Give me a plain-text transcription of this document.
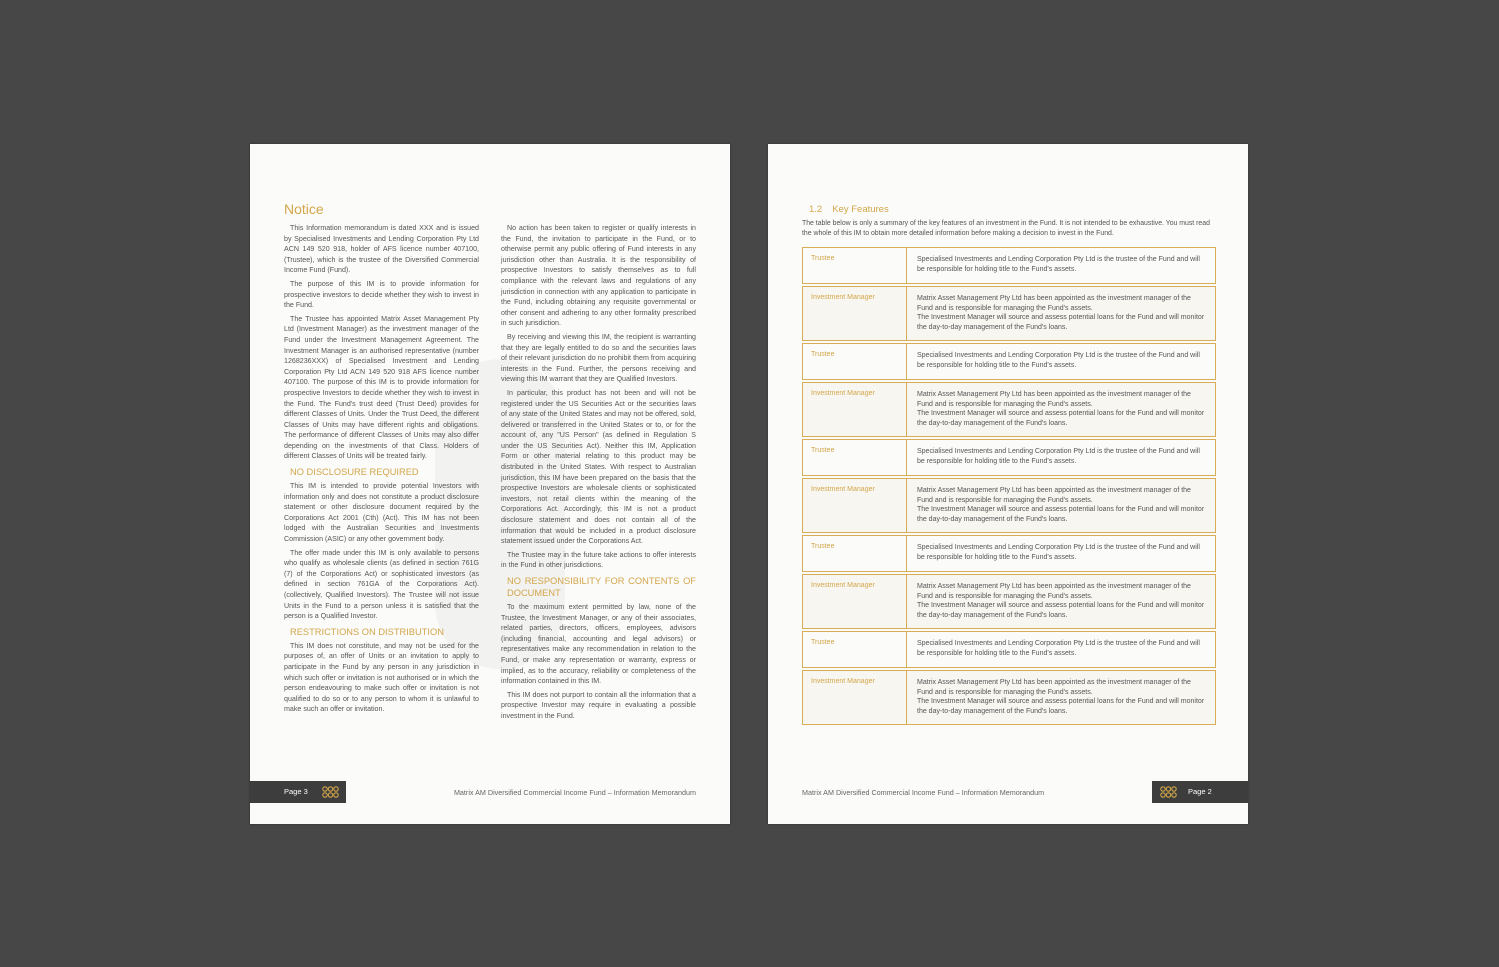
Notice

This Information memorandum is dated XXX and is issued by Specialised Investments and Lending Corporation Pty Ltd ACN 149 520 918, holder of AFS licence number 407100, (Trustee), which is the trustee of the Diversified Commercial Income Fund (Fund).

The purpose of this IM is to provide information for prospective investors to decide whether they wish to invest in the Fund.

The Trustee has appointed Matrix Asset Management Pty Ltd (Investment Manager) as the investment manager of the Fund under the Investment Management Agreement. The Investment Manager is an authorised representative (number 1268236XXX) of Specialised Investment and Lending Corporation Pty Ltd ACN 149 520 918 AFS licence number 407100. The purpose of this IM is to provide information for prospective Investors to decide whether they wish to invest in the Fund. The Fund's trust deed (Trust Deed) provides for different Classes of Units. Under the Trust Deed, the different Classes of Units may have different rights and obligations. The performance of different Classes of Units may also differ depending on the investments of that Class. Holders of different Classes of Units will be treated fairly.

NO DISCLOSURE REQUIRED

This IM is intended to provide potential Investors with information only and does not constitute a product disclosure statement or other disclosure document required by the Corporations Act 2001 (Cth) (Act). This IM has not been lodged with the Australian Securities and Investments Commission (ASIC) or any other government body.

The offer made under this IM is only available to persons who qualify as wholesale clients (as defined in section 761G (7) of the Corporations Act) or sophisticated investors (as defined in section 761GA of the Corporations Act). (collectively, Qualified Investors). The Trustee will not issue Units in the Fund to a person unless it is satisfied that the person is a Qualified Investor.

RESTRICTIONS ON DISTRIBUTION

This IM does not constitute, and may not be used for the purposes of, an offer of Units or an invitation to apply to participate in the Fund by any person in any jurisdiction in which such offer or invitation is not authorised or in which the person endeavouring to make such offer or invitation is not qualified to do so or to any person to whom it is unlawful to make such an offer or invitation.

No action has been taken to register or qualify interests in the Fund, the invitation to participate in the Fund, or to otherwise permit any public offering of Fund interests in any jurisdiction other than Australia. It is the responsibility of prospective Investors to satisfy themselves as to full compliance with the relevant laws and regulations of any jurisdiction in connection with any application to participate in the Fund, including obtaining any requisite governmental or other consent and adhering to any other formality prescribed in such jurisdiction.

By receiving and viewing this IM, the recipient is warranting that they are legally entitled to do so and the securities laws of their relevant jurisdiction do no prohibit them from acquiring interests in the Fund. Further, the persons receiving and viewing this IM warrant that they are Qualified Investors.

In particular, this product has not been and will not be registered under the US Securities Act or the securities laws of any state of the United States and may not be offered, sold, delivered or transferred in the United States or to, or for the account of, any "US Person" (as defined in Regulation S under the US Securities Act). Neither this IM, Application Form or other material relating to this product may be distributed in the United States. With respect to Australian jurisdiction, this IM have been prepared on the basis that the prospective Investors are wholesale clients or sophisticated investors, not retail clients within the meaning of the Corporations Act. Accordingly, this IM is not a product disclosure statement and does not contain all of the information that would be included in a product disclosure statement issued under the Corporations Act.

The Trustee may in the future take actions to offer interests in the Fund in other jurisdictions.

NO RESPONSIBILITY FOR CONTENTS OF DOCUMENT

To the maximum extent permitted by law, none of the Trustee, the Investment Manager, or any of their associates, related parties, directors, officers, employees, advisors (including financial, accounting and legal advisors) or representatives make any recommendation in relation to the Fund, or make any representation or warranty, express or implied, as to the accuracy, reliability or completeness of the information contained in this IM.

This IM does not purport to contain all the information that a prospective Investor may require in evaluating a possible investment in the Fund.

Page 3	Matrix AM Diversified Commercial Income Fund – Information Memorandum
1.2 Key Features
The table below is only a summary of the key features of an investment in the Fund. It is not intended to be exhaustive. You must read the whole of this IM to obtain more detailed information before making a decision to invest in the Fund.
Trustee	Specialised Investments and Lending Corporation Pty Ltd is the trustee of the Fund and will be responsible for holding title to the Fund's assets.
Investment Manager	Matrix Asset Management Pty Ltd has been appointed as the investment manager of the Fund and is responsible for managing the Fund's assets.
The Investment Manager will source and assess potential loans for the Fund and will monitor the day-to-day management of the Fund's loans.
Trustee	Specialised Investments and Lending Corporation Pty Ltd is the trustee of the Fund and will be responsible for holding title to the Fund's assets.
Investment Manager	Matrix Asset Management Pty Ltd has been appointed as the investment manager of the Fund and is responsible for managing the Fund's assets.
The Investment Manager will source and assess potential loans for the Fund and will monitor the day-to-day management of the Fund's loans.
Trustee	Specialised Investments and Lending Corporation Pty Ltd is the trustee of the Fund and will be responsible for holding title to the Fund's assets.
Investment Manager	Matrix Asset Management Pty Ltd has been appointed as the investment manager of the Fund and is responsible for managing the Fund's assets.
The Investment Manager will source and assess potential loans for the Fund and will monitor the day-to-day management of the Fund's loans.
Trustee	Specialised Investments and Lending Corporation Pty Ltd is the trustee of the Fund and will be responsible for holding title to the Fund's assets.
Investment Manager	Matrix Asset Management Pty Ltd has been appointed as the investment manager of the Fund and is responsible for managing the Fund's assets.
The Investment Manager will source and assess potential loans for the Fund and will monitor the day-to-day management of the Fund's loans.
Trustee	Specialised Investments and Lending Corporation Pty Ltd is the trustee of the Fund and will be responsible for holding title to the Fund's assets.
Investment Manager	Matrix Asset Management Pty Ltd has been appointed as the investment manager of the Fund and is responsible for managing the Fund's assets.
The Investment Manager will source and assess potential loans for the Fund and will monitor the day-to-day management of the Fund's loans.
Matrix AM Diversified Commercial Income Fund – Information Memorandum	Page 2
